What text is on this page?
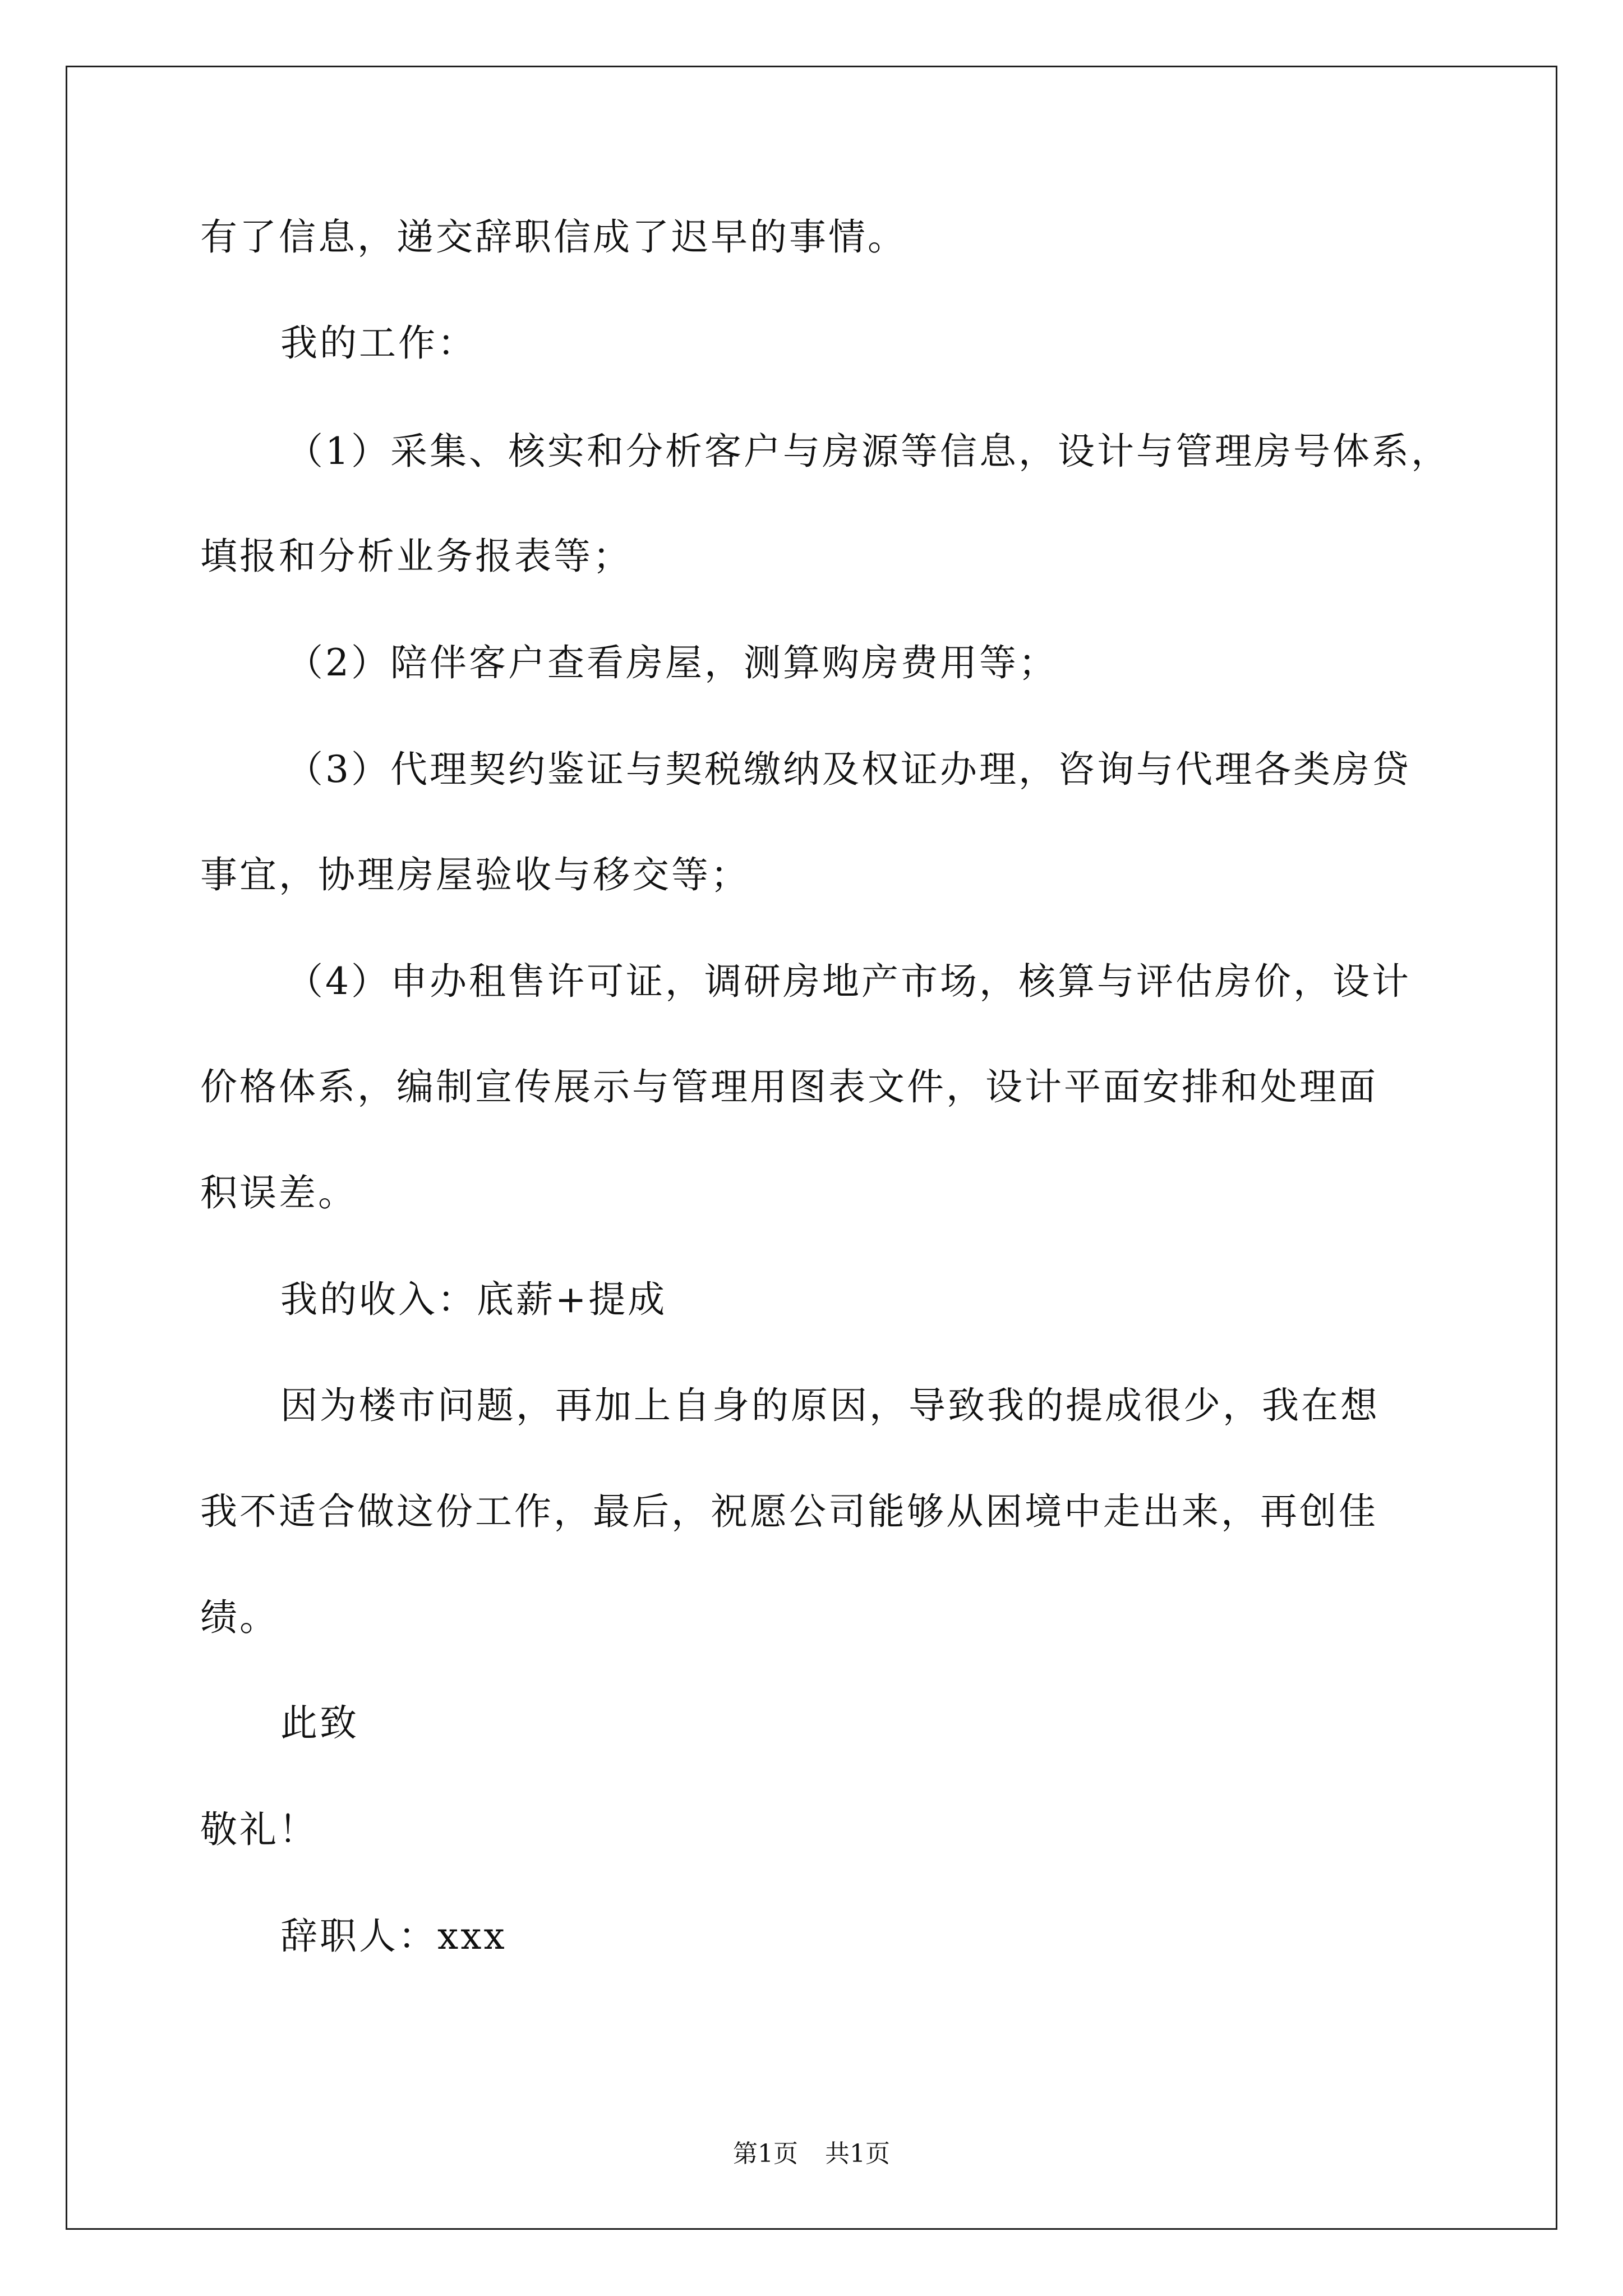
有了信息，递交辞职信成了迟早的事情。
我的工作：
（1）采集、核实和分析客户与房源等信息，设计与管理房号体系，
填报和分析业务报表等；
（2）陪伴客户查看房屋，测算购房费用等；
（3）代理契约鉴证与契税缴纳及权证办理，咨询与代理各类房贷
事宜，协理房屋验收与移交等；
（4）申办租售许可证，调研房地产市场，核算与评估房价，设计
价格体系，编制宣传展示与管理用图表文件，设计平面安排和处理面
积误差。
我的收入：底薪+提成
因为楼市问题，再加上自身的原因，导致我的提成很少，我在想
我不适合做这份工作，最后，祝愿公司能够从困境中走出来，再创佳
绩。
此致
敬礼！
辞职人：xxx
第1页 共1页
